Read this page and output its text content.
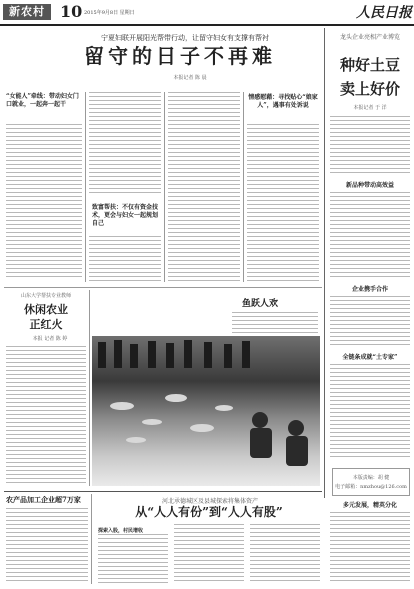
新农村 10 2015年9月8日 星期日	人民日报
宁夏妇联开展阳光帮带行动，让留守妇女有支撑有帮衬
留守的日子不再难
本报记者 陈 晨
“女能人”牵线：带动妇女门口就业，一起奔一起干
致富帮扶：不仅有资金技术，更会与妇女一起规划自己
情感慰藉：寻找贴心“娘家人”，遇事有处诉说
龙头企业亮相产业博览
种好土豆
卖上好价
本报记者 于 洋
新品种带动高效益
企业携手合作
全链条成就“土专家”
本版责编：胡 健
电子邮箱：nmzhou@126.com
山东大学帮扶专业教师
休闲农业
正红火
本报 记者 陈 婷
鱼跃人欢
农产品加工企业超7万家	河北承德城区及县城探索将集体资产
从“人人有份”到“人人有股”
探索入股，村民增收
多元发展，精英分化
